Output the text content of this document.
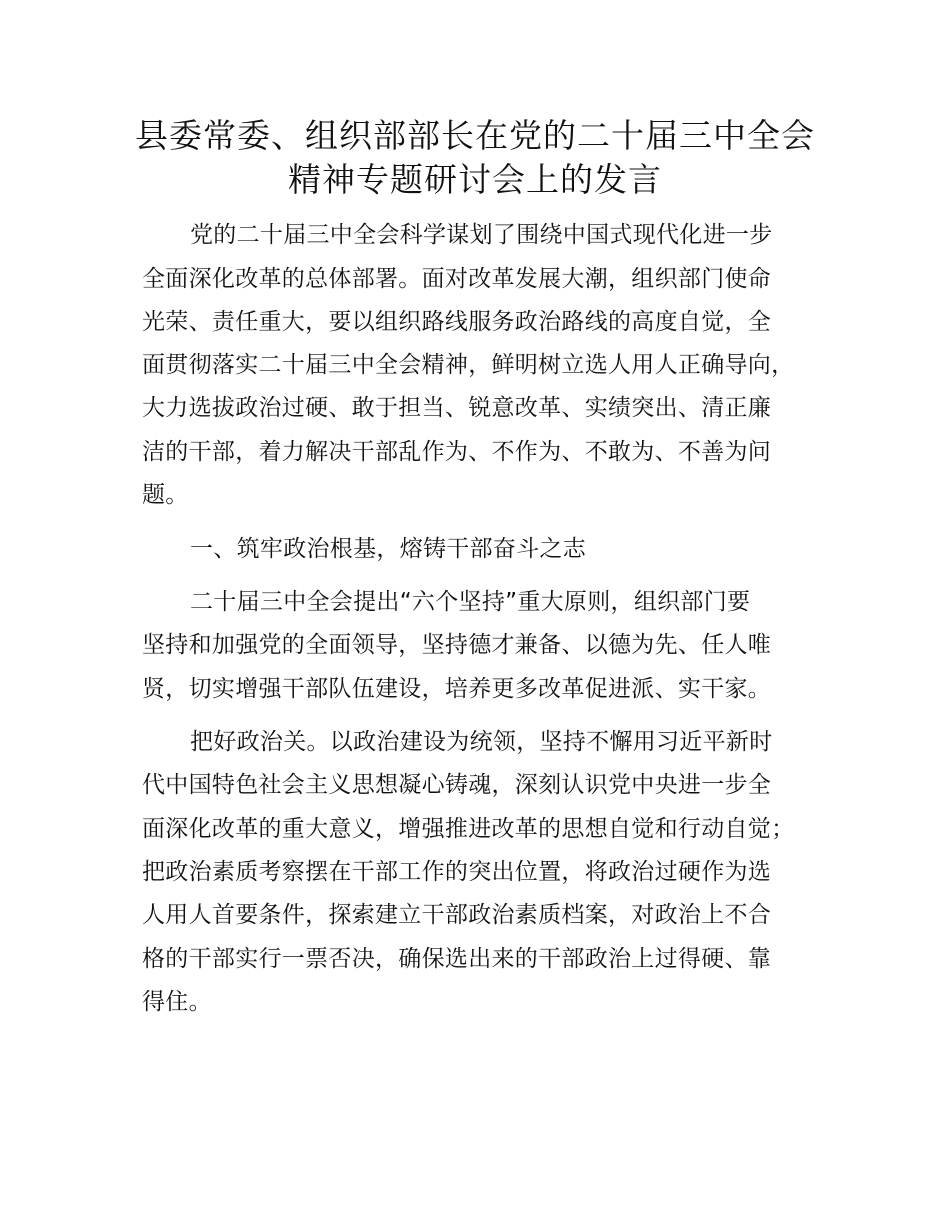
县委常委、组织部部长在党的二十届三中全会
精神专题研讨会上的发言
党的二十届三中全会科学谋划了围绕中国式现代化进一步
全面深化改革的总体部署。面对改革发展大潮，组织部门使命
光荣、责任重大，要以组织路线服务政治路线的高度自觉，全
面贯彻落实二十届三中全会精神，鲜明树立选人用人正确导向，
大力选拔政治过硬、敢于担当、锐意改革、实绩突出、清正廉
洁的干部，着力解决干部乱作为、不作为、不敢为、不善为问
题。
一、筑牢政治根基，熔铸干部奋斗之志
二十届三中全会提出“六个坚持”重大原则，组织部门要
坚持和加强党的全面领导，坚持德才兼备、以德为先、任人唯
贤，切实增强干部队伍建设，培养更多改革促进派、实干家。
把好政治关。以政治建设为统领，坚持不懈用习近平新时
代中国特色社会主义思想凝心铸魂，深刻认识党中央进一步全
面深化改革的重大意义，增强推进改革的思想自觉和行动自觉；
把政治素质考察摆在干部工作的突出位置，将政治过硬作为选
人用人首要条件，探索建立干部政治素质档案，对政治上不合
格的干部实行一票否决，确保选出来的干部政治上过得硬、靠
得住。
